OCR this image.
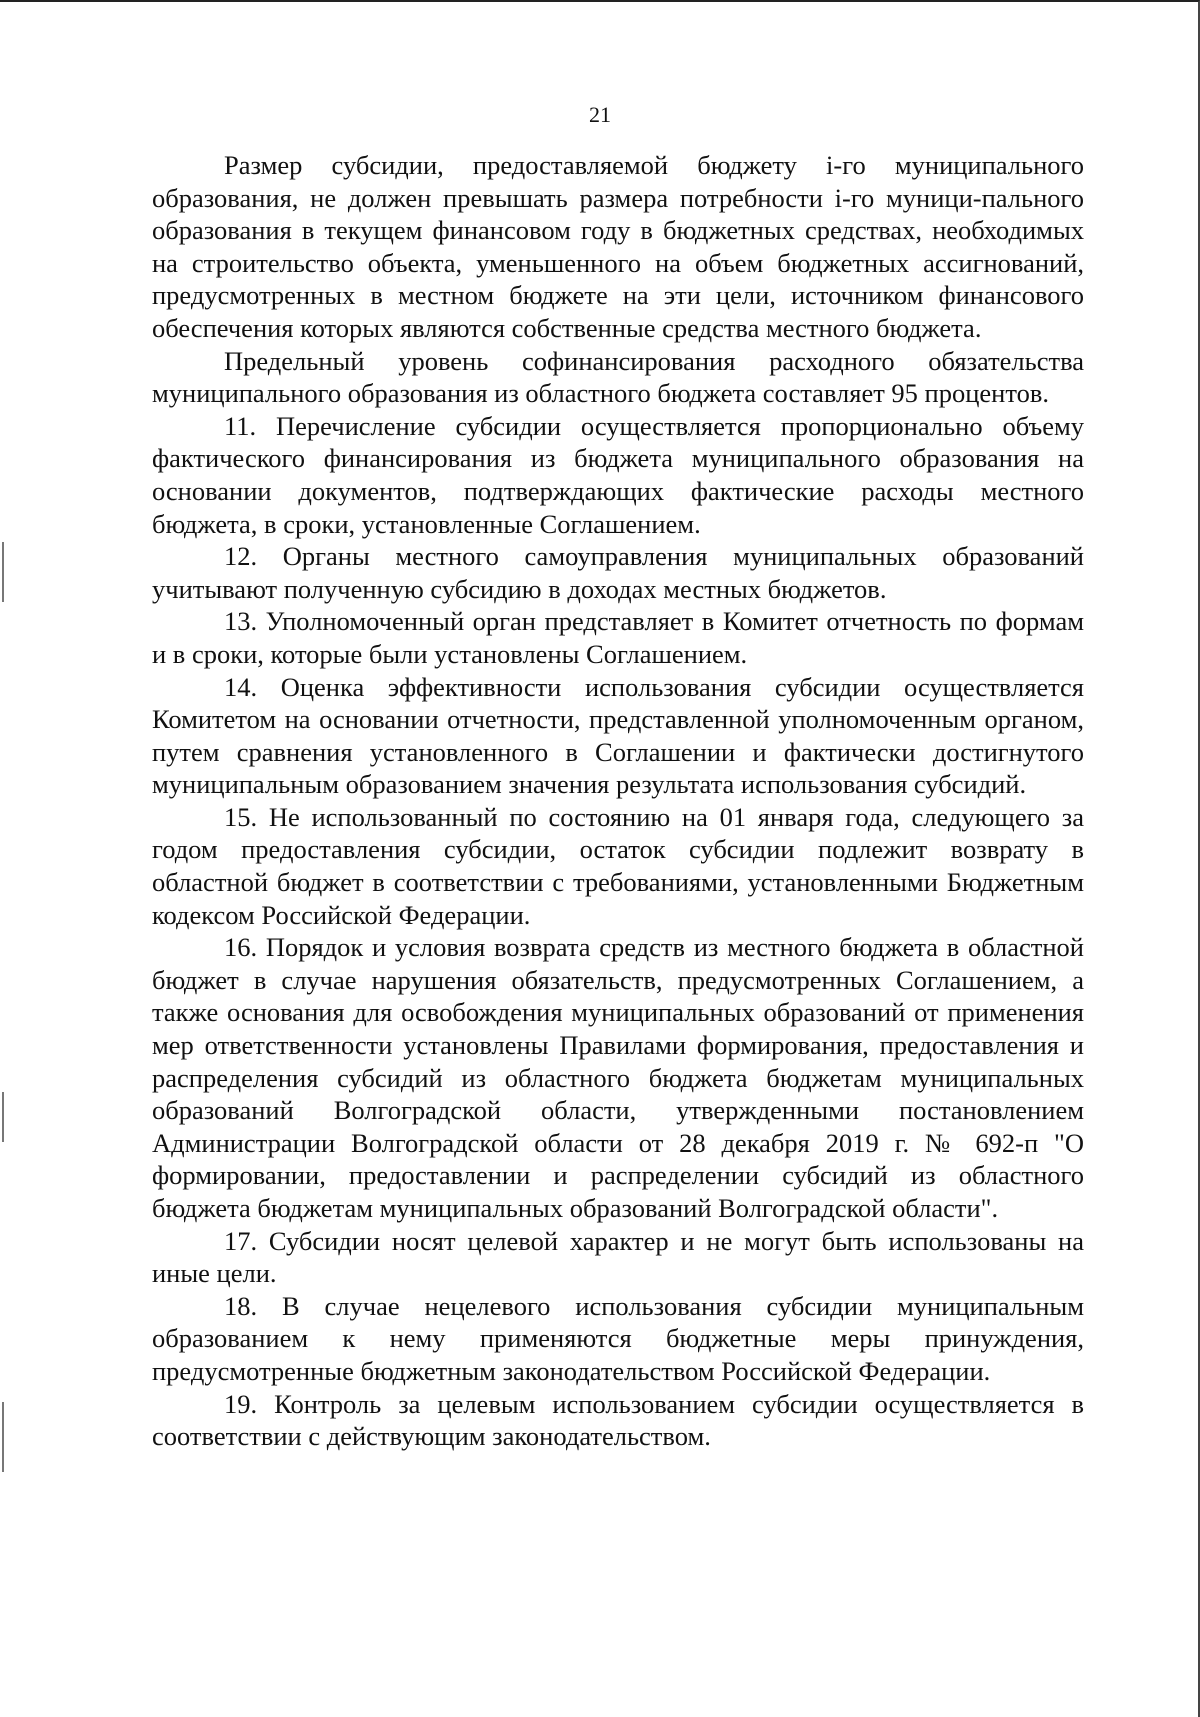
21

Размер субсидии, предоставляемой бюджету i-го муниципального образования, не должен превышать размера потребности i-го муници-пального образования в текущем финансовом году в бюджетных средствах, необходимых на строительство объекта, уменьшенного на объем бюджетных ассигнований, предусмотренных в местном бюджете на эти цели, источником финансового обеспечения которых являются собственные средства местного бюджета.

Предельный уровень софинансирования расходного обязательства муниципального образования из областного бюджета составляет 95 процентов.

11. Перечисление субсидии осуществляется пропорционально объему фактического финансирования из бюджета муниципального образования на основании документов, подтверждающих фактические расходы местного бюджета, в сроки, установленные Соглашением.

12. Органы местного самоуправления муниципальных образований учитывают полученную субсидию в доходах местных бюджетов.

13. Уполномоченный орган представляет в Комитет отчетность по формам и в сроки, которые были установлены Соглашением.

14. Оценка эффективности использования субсидии осуществляется Комитетом на основании отчетности, представленной уполномоченным органом, путем сравнения установленного в Соглашении и фактически достигнутого муниципальным образованием значения результата использования субсидий.

15. Не использованный по состоянию на 01 января года, следующего за годом предоставления субсидии, остаток субсидии подлежит возврату в областной бюджет в соответствии с требованиями, установленными Бюджетным кодексом Российской Федерации.

16. Порядок и условия возврата средств из местного бюджета в областной бюджет в случае нарушения обязательств, предусмотренных Соглашением, а также основания для освобождения муниципальных образований от применения мер ответственности установлены Правилами формирования, предоставления и распределения субсидий из областного бюджета бюджетам муниципальных образований Волгоградской области, утвержденными постановлением Администрации Волгоградской области от 28 декабря 2019 г. № 692-п "О формировании, предоставлении и распределении субсидий из областного бюджета бюджетам муниципальных образований Волгоградской области".

17. Субсидии носят целевой характер и не могут быть использованы на иные цели.

18. В случае нецелевого использования субсидии муниципальным образованием к нему применяются бюджетные меры принуждения, предусмотренные бюджетным законодательством Российской Федерации.

19. Контроль за целевым использованием субсидии осуществляется в соответствии с действующим законодательством.
